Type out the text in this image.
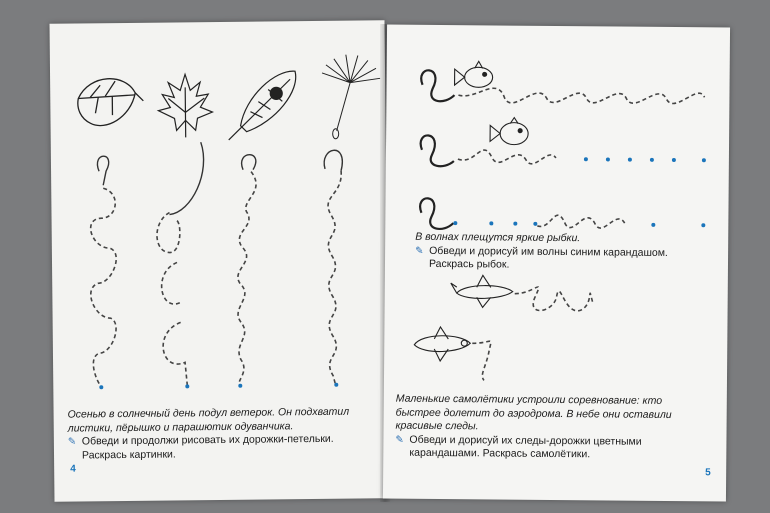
Осенью в солнечный день подул ветерок. Он подхватил
листики, пёрышко и парашютик одуванчика.
✎ Обведи и продолжи рисовать их дорожки-петельки.
Раскрась картинки.
4
В волнах плещутся яркие рыбки.
✎ Обведи и дорисуй им волны синим карандашом.
Раскрась рыбок.
Маленькие самолётики устроили соревнование: кто
быстрее долетит до аэродрома. В небе они оставили
красивые следы.
✎ Обведи и дорисуй их следы-дорожки цветными
карандашами. Раскрась самолётики.
5
